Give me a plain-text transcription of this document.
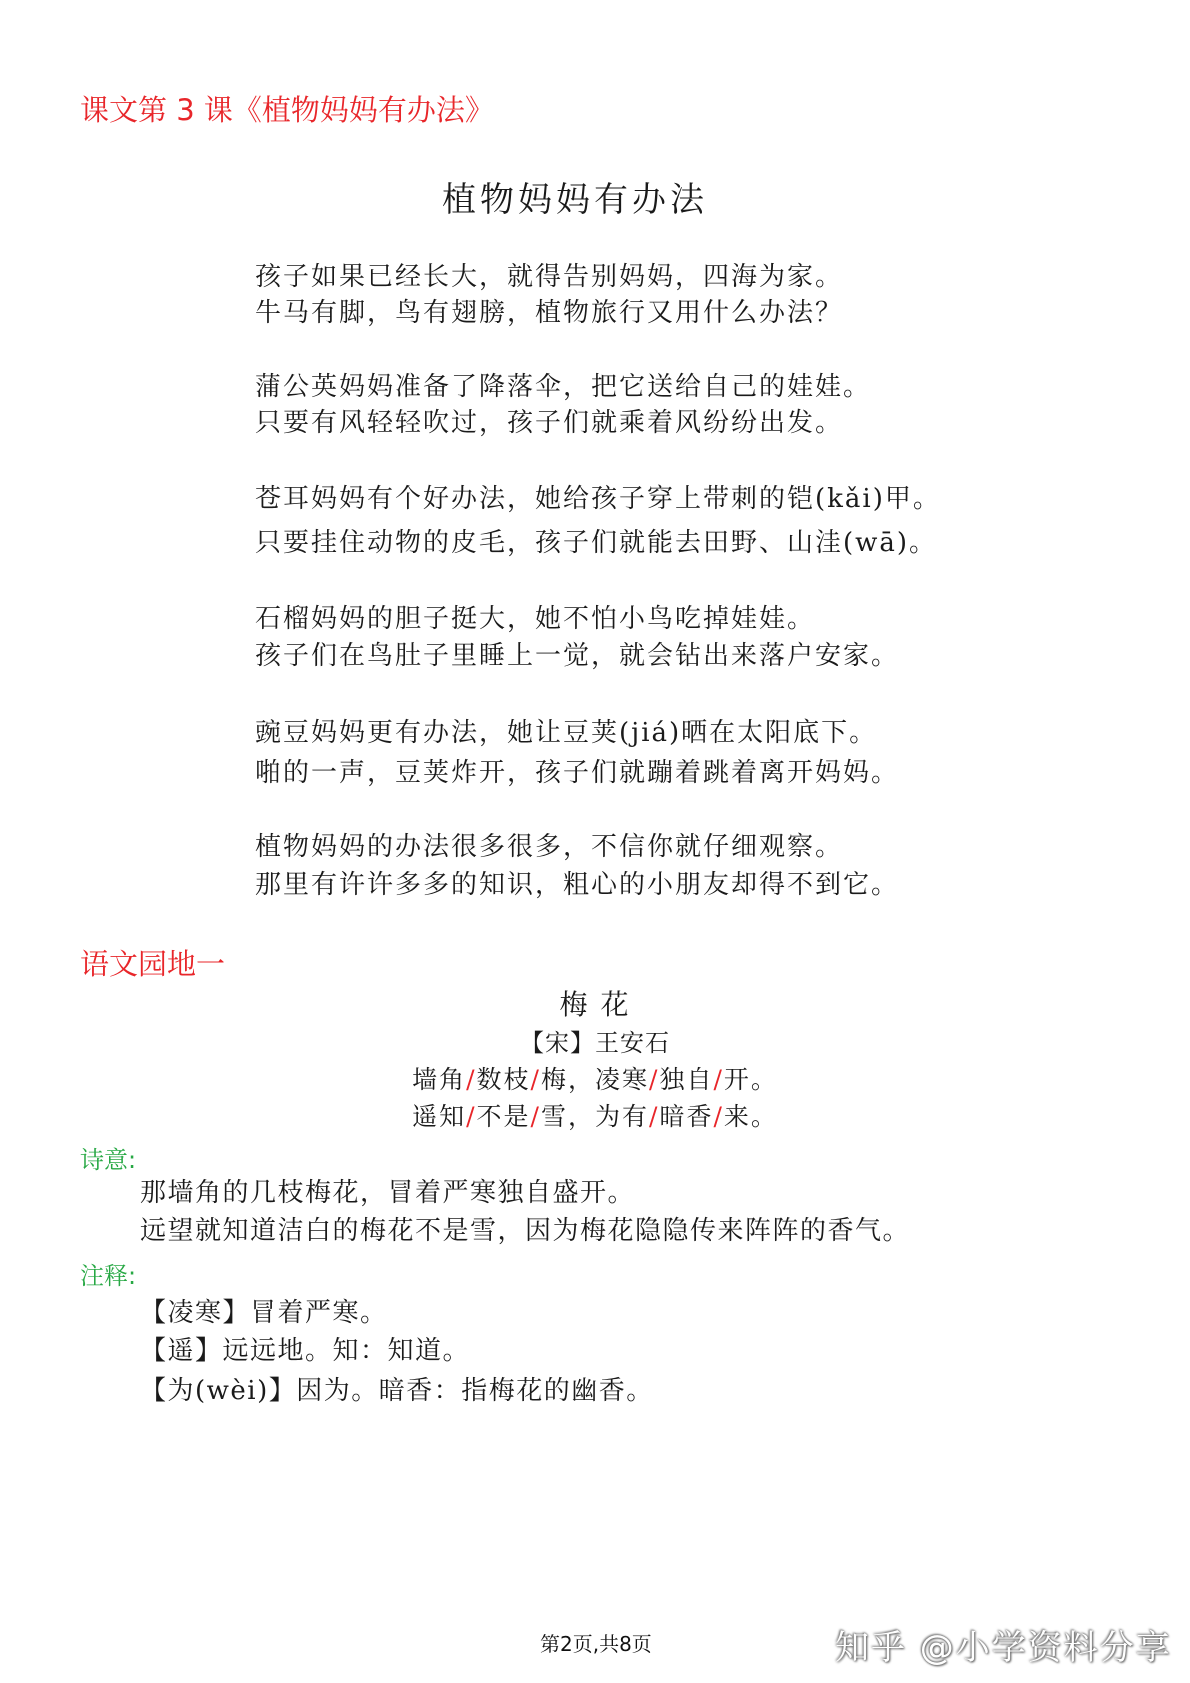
课文第 3 课《植物妈妈有办法》
植物妈妈有办法
孩子如果已经长大，就得告别妈妈，四海为家。
牛马有脚，鸟有翅膀，植物旅行又用什么办法？
蒲公英妈妈准备了降落伞，把它送给自己的娃娃。
只要有风轻轻吹过，孩子们就乘着风纷纷出发。
苍耳妈妈有个好办法，她给孩子穿上带刺的铠(kǎi)甲。
只要挂住动物的皮毛，孩子们就能去田野、山洼(wā)。
石榴妈妈的胆子挺大，她不怕小鸟吃掉娃娃。
孩子们在鸟肚子里睡上一觉，就会钻出来落户安家。
豌豆妈妈更有办法，她让豆荚(jiá)晒在太阳底下。
啪的一声，豆荚炸开，孩子们就蹦着跳着离开妈妈。
植物妈妈的办法很多很多，不信你就仔细观察。
那里有许许多多的知识，粗心的小朋友却得不到它。
语文园地一
梅 花
【宋】王安石
墙角/数枝/梅，凌寒/独自/开。
遥知/不是/雪，为有/暗香/来。
诗意:
那墙角的几枝梅花，冒着严寒独自盛开。
远望就知道洁白的梅花不是雪，因为梅花隐隐传来阵阵的香气。
注释:
【凌寒】冒着严寒。
【遥】远远地。知：知道。
【为(wèi)】因为。暗香：指梅花的幽香。
第2页,共8页	知乎 @小学资料分享
